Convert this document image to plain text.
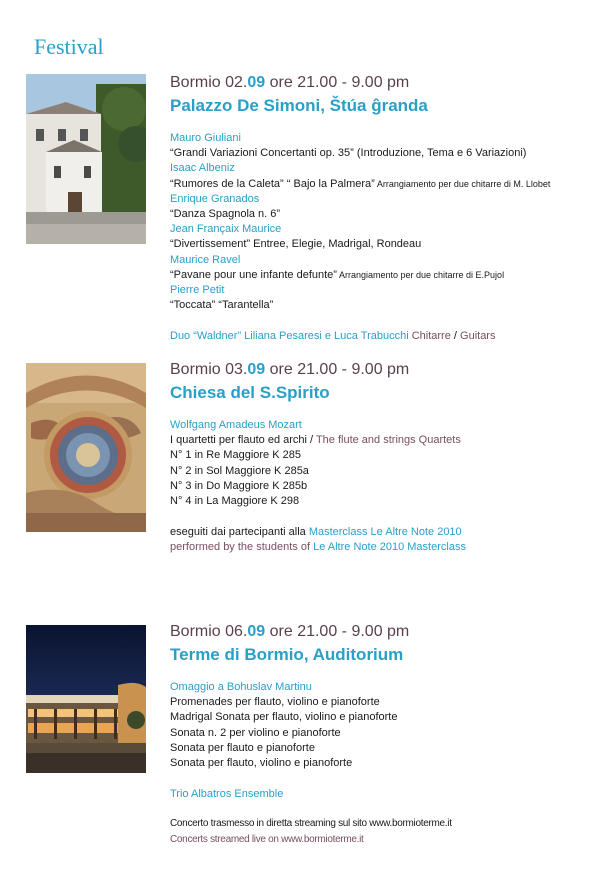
Festival
Bormio 02.09 ore 21.00 - 9.00 pm
Palazzo De Simoni, Štúa ĝranda
Mauro Giuliani
“Grandi Variazioni Concertanti op. 35” (Introduzione, Tema e 6 Variazioni)
Isaac Albeniz
“Rumores de la Caleta” “ Bajo la Palmera” Arrangiamento per due chitarre di M. Llobet
Enrique Granados
“Danza Spagnola n. 6”
Jean Françaix Maurice
“Divertissement” Entree, Elegie, Madrigal, Rondeau
Maurice Ravel
“Pavane pour une infante defunte” Arrangiamento per due chitarre di E.Pujol
Pierre Petit
“Toccata” “Tarantella”
Duo “Waldner” Liliana Pesaresi e Luca Trabucchi Chitarre / Guitars
Bormio 03.09 ore 21.00 - 9.00 pm
Chiesa del S.Spirito
Wolfgang Amadeus Mozart
I quartetti per flauto ed archi / The flute and strings Quartets
N° 1 in Re Maggiore K 285
N° 2 in Sol Maggiore K 285a
N° 3 in Do Maggiore K 285b
N° 4 in La Maggiore K 298
eseguiti dai partecipanti alla Masterclass Le Altre Note 2010
performed by the students of Le Altre Note 2010 Masterclass
Bormio 06.09 ore 21.00 - 9.00 pm
Terme di Bormio, Auditorium
Omaggio a Bohuslav Martinu
Promenades per flauto, violino e pianoforte
Madrigal Sonata per flauto, violino e pianoforte
Sonata n. 2 per violino e pianoforte
Sonata per flauto e pianoforte
Sonata per flauto, violino e pianoforte
Trio Albatros Ensemble
Concerto trasmesso in diretta streaming sul sito www.bormioterme.it
Concerts streamed live on www.bormioterme.it
